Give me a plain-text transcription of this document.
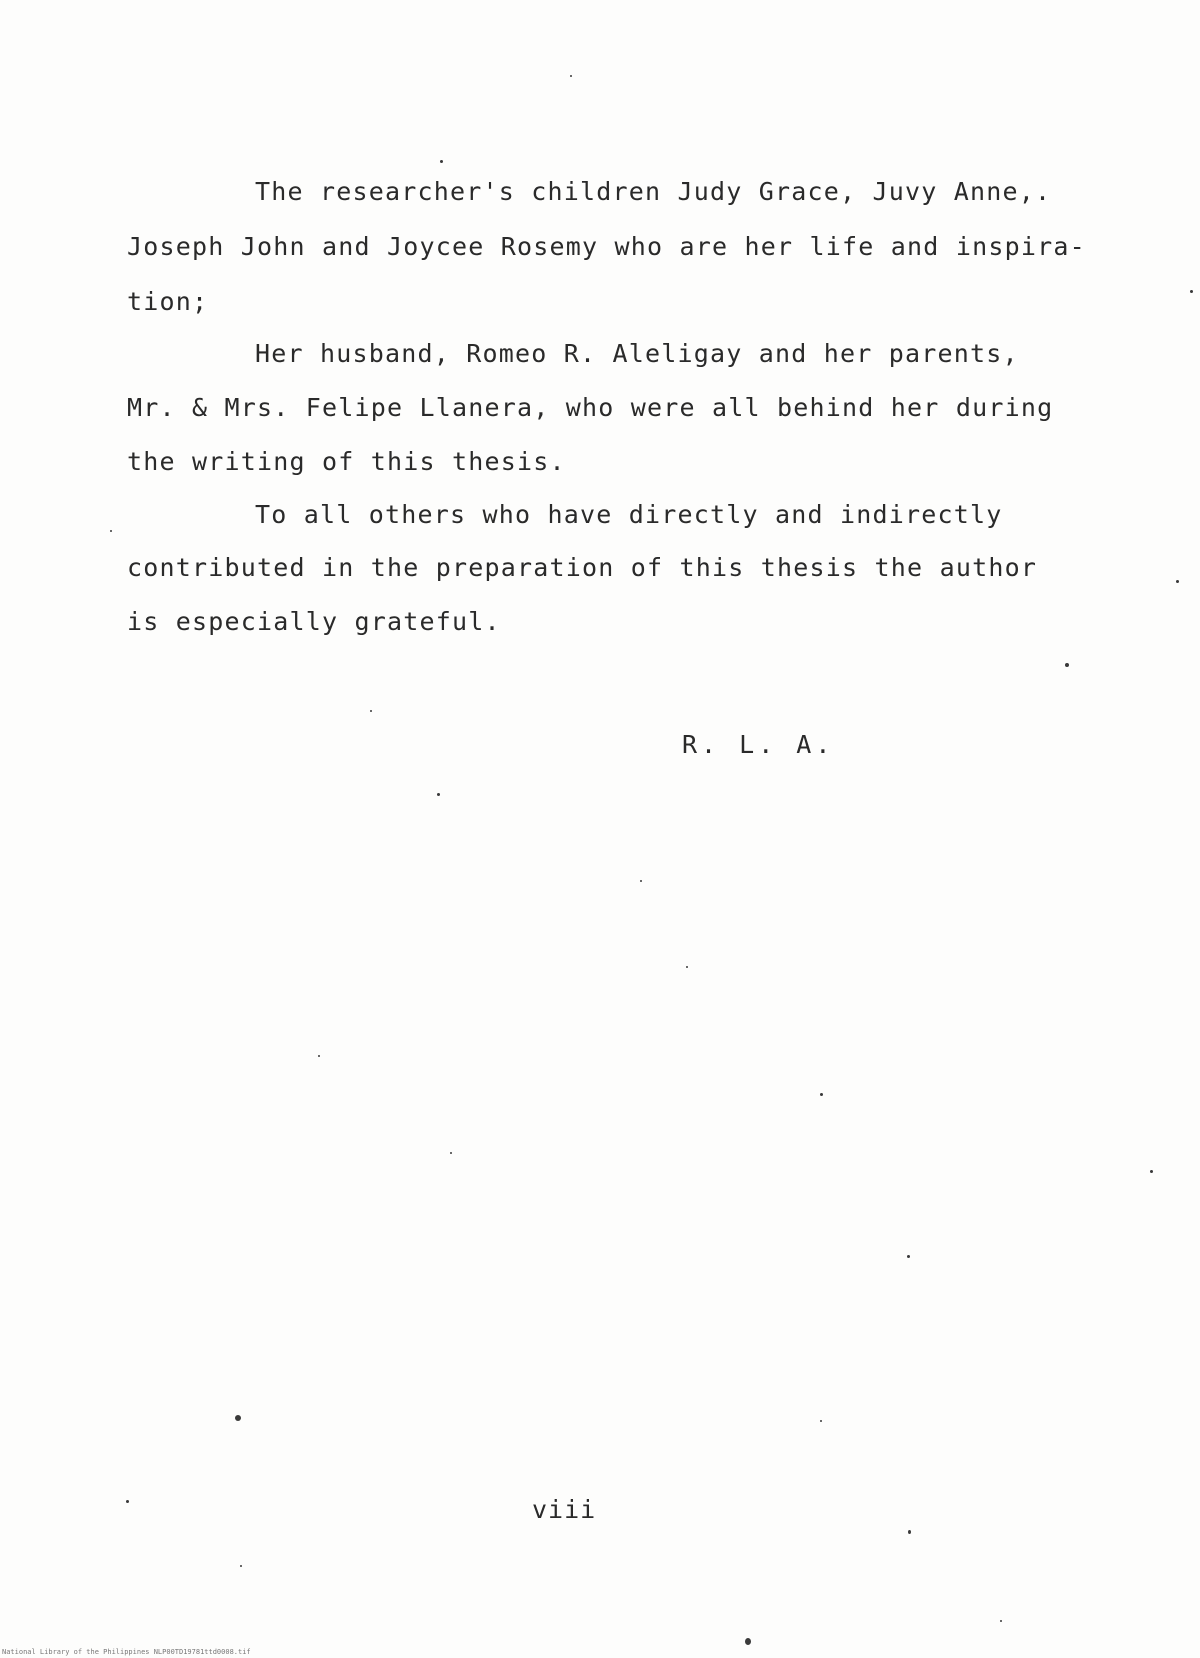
The researcher's children Judy Grace, Juvy Anne,.
Joseph John and Joycee Rosemy who are her life and inspira-
tion;
Her husband, Romeo R. Aleligay and her parents,
Mr. & Mrs. Felipe Llanera, who were all behind her during
the writing of this thesis.
To all others who have directly and indirectly
contributed in the preparation of this thesis the author
is especially grateful.
R. L. A.
viii
National Library of the Philippines NLP00TD19781ttd0008.tif
